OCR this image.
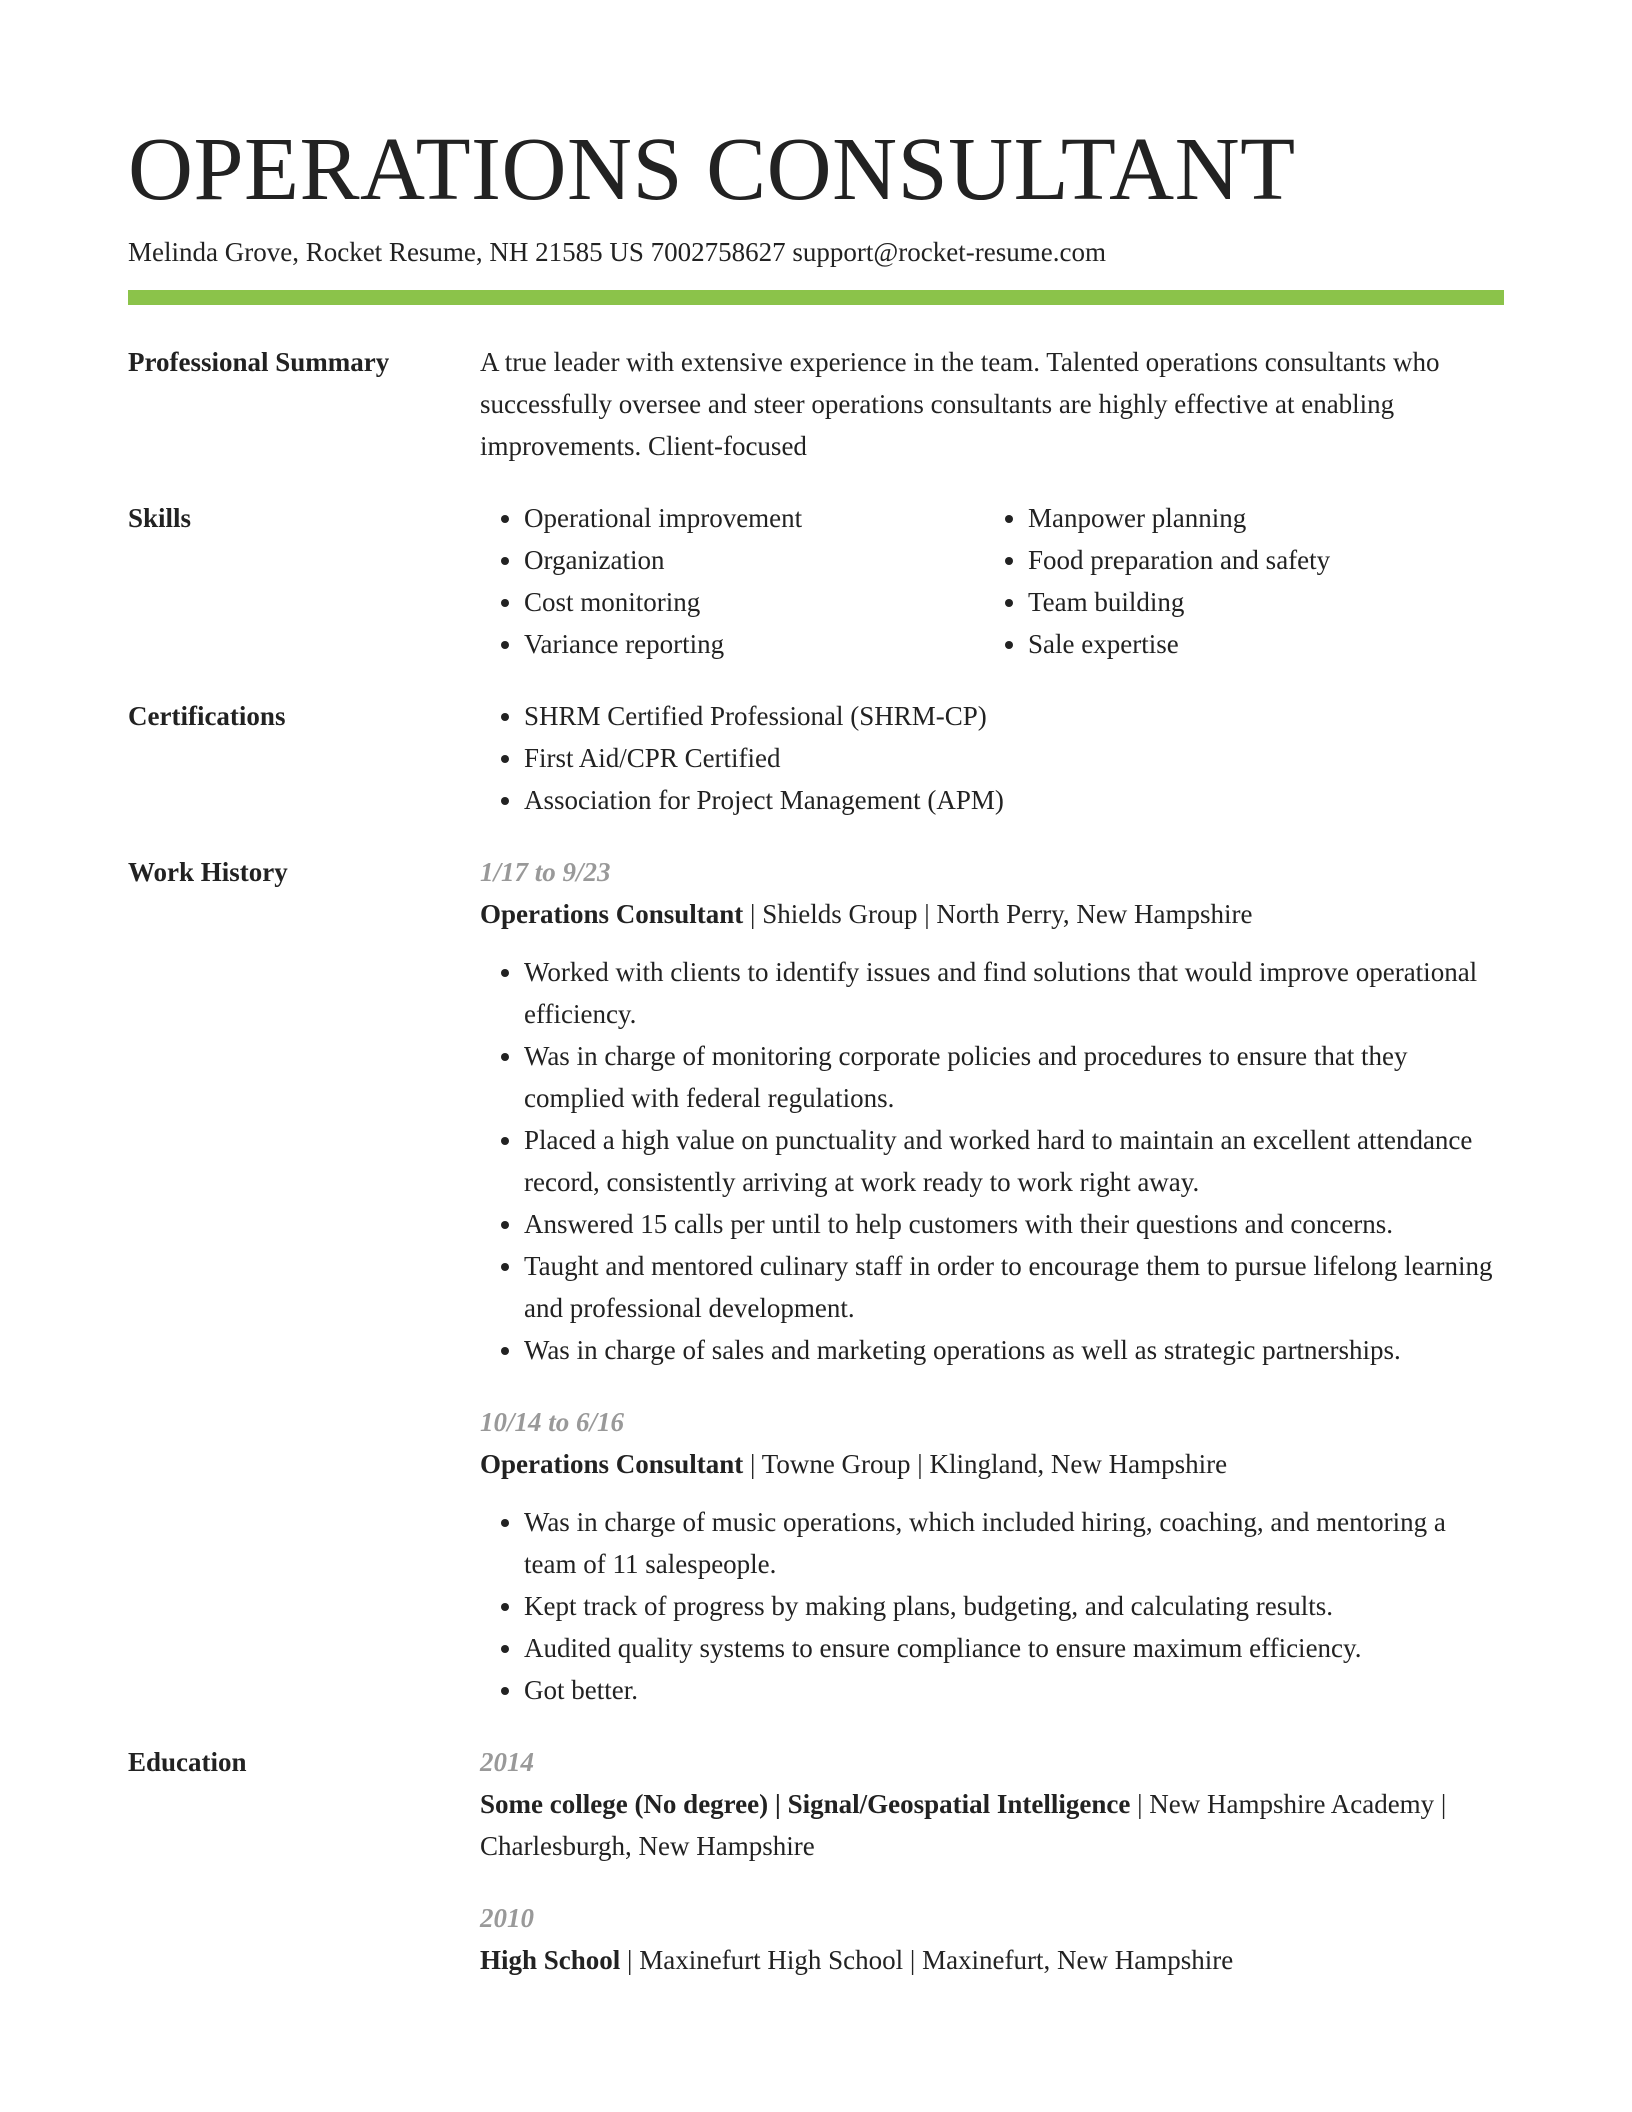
OPERATIONS CONSULTANT
Melinda Grove, Rocket Resume, NH 21585 US 7002758627 support@rocket-resume.com
Professional Summary	A true leader with extensive experience in the team. Talented operations consultants who successfully oversee and steer operations consultants are highly effective at enabling improvements. Client-focused
Skills	• Operational improvement
• Organization
• Cost monitoring
• Variance reporting
• Manpower planning
• Food preparation and safety
• Team building
• Sale expertise
Certifications	• SHRM Certified Professional (SHRM-CP)
• First Aid/CPR Certified
• Association for Project Management (APM)
Work History	1/17 to 9/23
Operations Consultant | Shields Group | North Perry, New Hampshire
• Worked with clients to identify issues and find solutions that would improve operational efficiency.
• Was in charge of monitoring corporate policies and procedures to ensure that they complied with federal regulations.
• Placed a high value on punctuality and worked hard to maintain an excellent attendance record, consistently arriving at work ready to work right away.
• Answered 15 calls per until to help customers with their questions and concerns.
• Taught and mentored culinary staff in order to encourage them to pursue lifelong learning and professional development.
• Was in charge of sales and marketing operations as well as strategic partnerships.
10/14 to 6/16
Operations Consultant | Towne Group | Klingland, New Hampshire
• Was in charge of music operations, which included hiring, coaching, and mentoring a team of 11 salespeople.
• Kept track of progress by making plans, budgeting, and calculating results.
• Audited quality systems to ensure compliance to ensure maximum efficiency.
• Got better.
Education	2014
Some college (No degree) | Signal/Geospatial Intelligence | New Hampshire Academy | Charlesburgh, New Hampshire
2010
High School | Maxinefurt High School | Maxinefurt, New Hampshire
